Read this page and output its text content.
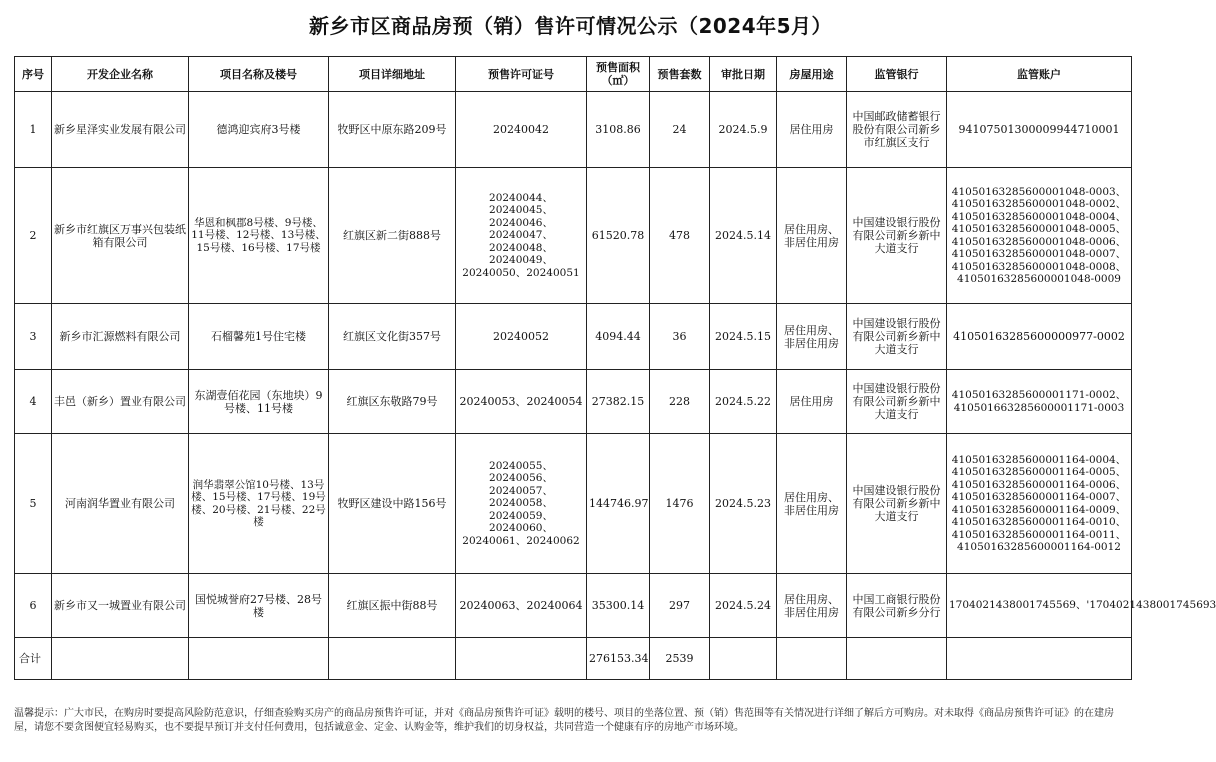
新乡市区商品房预（销）售许可情况公示（2024年5月）
序号	开发企业名称	项目名称及楼号	项目详细地址	预售许可证号	预售面积（㎡）	预售套数	审批日期	房屋用途	监管银行	监管账户
1	新乡星泽实业发展有限公司	德鸿迎宾府3号楼	牧野区中原东路209号	20240042	3108.86	24	2024.5.9	居住用房	中国邮政储蓄银行股份有限公司新乡市红旗区支行	941075013000099447100​01
2	新乡市红旗区万事兴包装纸箱有限公司	华恩和枫郡8号楼、9号楼、11号楼、12号楼、13号楼、15号楼、16号楼、17号楼	红旗区新二街888号	20240044、20240045、20240046、20240047、20240048、20240049、20240050、20240051	61520.78	478	2024.5.14	居住用房、非居住用房	中国建设银行股份有限公司新乡新中大道支行	41050163285600001048-0003、41050163285600001048-0002、41050163285600001048-0004、41050163285600001048-0005、41050163285600001048-0006、41050163285600001048-0007、41050163285600001048-0008、41050163285600001048-0009
3	新乡市汇源燃料有限公司	石榴馨苑1号住宅楼	红旗区文化街357号	20240052	4094.44	36	2024.5.15	居住用房、非居住用房	中国建设银行股份有限公司新乡新中大道支行	41050163285600000977-0002
4	丰邑（新乡）置业有限公司	东湖壹佰花园（东地块）9号楼、11号楼	红旗区东敬路79号	20240053、20240054	27382.15	228	2024.5.22	居住用房	中国建设银行股份有限公司新乡新中大道支行	41050163285600001171-0002、41050166328560000117​1-0003
5	河南润华置业有限公司	润华翡翠公馆10号楼、13号楼、15号楼、17号楼、19号楼、20号楼、21号楼、22号楼	牧野区建设中路156号	20240055、20240056、20240057、20240058、20240059、20240060、20240061、20240062	144746.97	1476	2024.5.23	居住用房、非居住用房	中国建设银行股份有限公司新乡新中大道支行	41050163285600001164-0004、41050163285600001164-0005、41050163285600001164-0006、41050163285600001164-0007、41050163285600001164-0009、41050163285600001164-0010、41050163285600001164-0011、41050163285600001164-0012
6	新乡市又一城置业有限公司	国悦城誉府27号楼、28号楼	红旗区振中街88号	20240063、20240064	35300.14	297	2024.5.24	居住用房、非居住用房	中国工商银行股份有限公司新乡分行	1704021438001745569、'1704021438001745693
合计					276153.34	2539				
温馨提示：广大市民，在购房时要提高风险防范意识，仔细查验购买房产的商品房预售许可证，并对《商品房预售许可证》载明的楼号、项目的坐落位置、预（销）售范围等有关情况进行详细了解后方可购房。对未取得《商品房预售许可证》的在建房屋，请您不要贪图便宜轻易购买，也不要提早预订并支付任何费用，包括诚意金、定金、认购金等，维护我们的切身权益，共同营造一个健康有序的房地产市场环境。
